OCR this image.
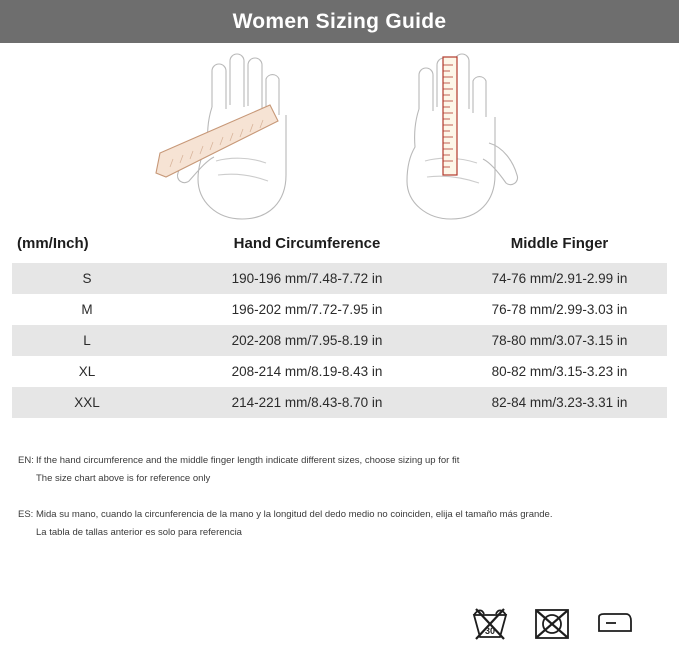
Women Sizing Guide
(mm/Inch)	Hand Circumference	Middle Finger
S	190-196 mm/7.48-7.72 in	74-76 mm/2.91-2.99 in
M	196-202 mm/7.72-7.95 in	76-78 mm/2.99-3.03 in
L	202-208 mm/7.95-8.19 in	78-80 mm/3.07-3.15 in
XL	208-214 mm/8.19-8.43 in	80-82 mm/3.15-3.23 in
XXL	214-221 mm/8.43-8.70 in	82-84 mm/3.23-3.31 in
EN: If the hand circumference and the middle finger length indicate different sizes, choose sizing up for fit
The size chart above is for reference only
ES: Mida su mano, cuando la circunferencia de la mano y la longitud del dedo medio no coinciden, elija el tamaño más grande.
La tabla de tallas anterior es solo para referencia
30
